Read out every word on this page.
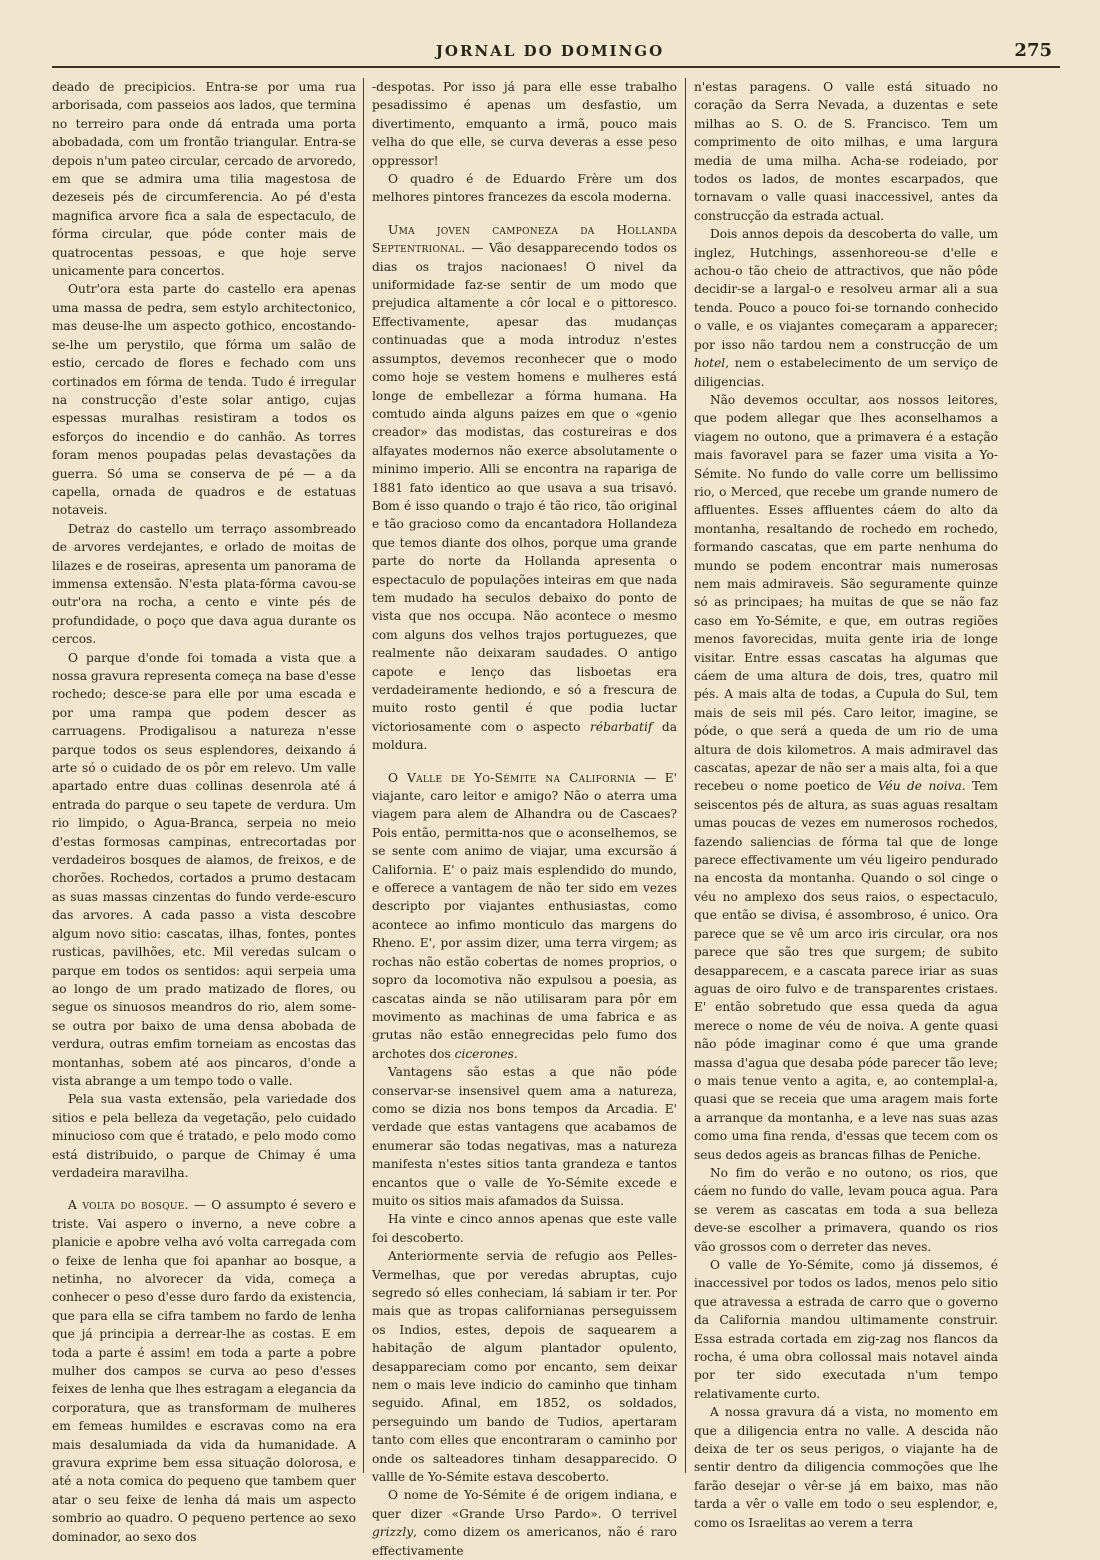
JORNAL DO DOMINGO	275

deado de precipicios. Entra-se por uma rua arborisada, com passeios aos lados, que termina no terreiro para onde dá entrada uma porta abobadada, com um frontão triangular. Entra-se depois n'um pateo circular, cercado de arvoredo, em que se admira uma tilia magestosa de dezeseis pés de circumferencia. Ao pé d'esta magnifica arvore fica a sala de espectaculo, de fórma circular, que póde conter mais de quatrocentas pessoas, e que hoje serve unicamente para concertos.

Outr'ora esta parte do castello era apenas uma massa de pedra, sem estylo architectonico, mas deuse-lhe um aspecto gothico, encostando-se-lhe um perystilo, que fórma um salão de estio, cercado de flores e fechado com uns cortinados em fórma de tenda. Tudo é irregular na construcção d'este solar antigo, cujas espessas muralhas resistiram a todos os esforços do incendio e do canhão. As torres foram menos poupadas pelas devastações da guerra. Só uma se conserva de pé — a da capella, ornada de quadros e de estatuas notaveis.

Detraz do castello um terraço assombreado de arvores verdejantes, e orlado de moitas de lilazes e de roseiras, apresenta um panorama de immensa extensão. N'esta plata-fórma cavou-se outr'ora na rocha, a cento e vinte pés de profundidade, o poço que dava agua durante os cercos.

O parque d'onde foi tomada a vista que a nossa gravura representa começa na base d'esse rochedo; desce-se para elle por uma escada e por uma rampa que podem descer as carruagens. Prodigalisou a natureza n'esse parque todos os seus esplendores, deixando á arte só o cuidado de os pôr em relevo. Um valle apartado entre duas collinas desenrola até á entrada do parque o seu tapete de verdura. Um rio limpido, o Agua-Branca, serpeia no meio d'estas formosas campinas, entrecortadas por verdadeiros bosques de alamos, de freixos, e de chorões. Rochedos, cortados a prumo destacam as suas massas cinzentas do fundo verde-escuro das arvores. A cada passo a vista descobre algum novo sitio: cascatas, ilhas, fontes, pontes rusticas, pavilhões, etc. Mil veredas sulcam o parque em todos os sentidos: aqui serpeia uma ao longo de um prado matizado de flores, ou segue os sinuosos meandros do rio, alem some-se outra por baixo de uma densa abobada de verdura, outras emfim torneiam as encostas das montanhas, sobem até aos pincaros, d'onde a vista abrange a um tempo todo o valle.

Pela sua vasta extensão, pela variedade dos sitios e pela belleza da vegetação, pelo cuidado minucioso com que é tratado, e pelo modo como está distribuido, o parque de Chimay é uma verdadeira maravilha.

A volta do bosque. — O assumpto é severo e triste. Vai aspero o inverno, a neve cobre a planicie e apobre velha avó volta carregada com o feixe de lenha que foi apanhar ao bosque, a netinha, no alvorecer da vida, começa a conhecer o peso d'esse duro fardo da existencia, que para ella se cifra tambem no fardo de lenha que já principia a derrear-lhe as costas. E em toda a parte é assim! em toda a parte a pobre mulher dos campos se curva ao peso d'esses feixes de lenha que lhes estragam a elegancia da corporatura, que as transformam de mulheres em femeas humildes e escravas como na era mais desalumiada da vida da humanidade. A gravura exprime bem essa situação dolorosa, e até a nota comica do pequeno que tambem quer atar o seu feixe de lenha dá mais um aspecto sombrio ao quadro. O pequeno pertence ao sexo dominador, ao sexo dos

-despotas. Por isso já para elle esse trabalho pesadissimo é apenas um desfastio, um divertimento, emquanto a irmã, pouco mais velha do que elle, se curva deveras a esse peso oppressor!

O quadro é de Eduardo Frère um dos melhores pintores francezes da escola moderna.

Uma joven camponeza da Hollanda Septentrional. — Vão desapparecendo todos os dias os trajos nacionaes! O nivel da uniformidade faz-se sentir de um modo que prejudica altamente a côr local e o pittoresco. Effectivamente, apesar das mudanças continuadas que a moda introduz n'estes assumptos, devemos reconhecer que o modo como hoje se vestem homens e mulheres está longe de embellezar a fórma humana. Ha comtudo ainda alguns paizes em que o «genio creador» das modistas, das costureiras e dos alfayates modernos não exerce absolutamente o minimo imperio. Alli se encontra na rapariga de 1881 fato identico ao que usava a sua trisavó. Bom é isso quando o trajo é tão rico, tão original e tão gracioso como da encantadora Hollandeza que temos diante dos olhos, porque uma grande parte do norte da Hollanda apresenta o espectaculo de populações inteiras em que nada tem mudado ha seculos debaixo do ponto de vista que nos occupa. Não acontece o mesmo com alguns dos velhos trajos portuguezes, que realmente não deixaram saudades. O antigo capote e lenço das lisboetas era verdadeiramente hediondo, e só a frescura de muito rosto gentil é que podia luctar victoriosamente com o aspecto rébarbatif da moldura.

O Valle de Yo-Sémite na California — E' viajante, caro leitor e amigo? Não o aterra uma viagem para alem de Alhandra ou de Cascaes? Pois então, permitta-nos que o aconselhemos, se se sente com animo de viajar, uma excursão á California. E' o paiz mais esplendido do mundo, e offerece a vantagem de não ter sido em vezes descripto por viajantes enthusiastas, como acontece ao infimo monticulo das margens do Rheno. E', por assim dizer, uma terra virgem; as rochas não estão cobertas de nomes proprios, o sopro da locomotiva não expulsou a poesia, as cascatas ainda se não utilisaram para pôr em movimento as machinas de uma fabrica e as grutas não estão ennegrecidas pelo fumo dos archotes dos cicerones.

Vantagens são estas a que não póde conservar-se insensivel quem ama a natureza, como se dizia nos bons tempos da Arcadia. E' verdade que estas vantagens que acabamos de enumerar são todas negativas, mas a natureza manifesta n'estes sitios tanta grandeza e tantos encantos que o valle de Yo-Sémite excede e muito os sitios mais afamados da Suissa.

Ha vinte e cinco annos apenas que este valle foi descoberto.

Anteriormente servia de refugio aos Pelles-Vermelhas, que por veredas abruptas, cujo segredo só elles conheciam, lá sabiam ir ter. Por mais que as tropas californianas perseguissem os Indios, estes, depois de saquearem a habitação de algum plantador opulento, desappareciam como por encanto, sem deixar nem o mais leve indicio do caminho que tinham seguido. Afinal, em 1852, os soldados, perseguindo um bando de Tudios, apertaram tanto com elles que encontraram o caminho por onde os salteadores tinham desapparecido. O vallle de Yo-Sémite estava descoberto.

O nome de Yo-Sémite é de origem indiana, e quer dizer «Grande Urso Pardo». O terrivel grizzly, como dizem os americanos, não é raro effectivamente

n'estas paragens. O valle está situado no coração da Serra Nevada, a duzentas e sete milhas ao S. O. de S. Francisco. Tem um comprimento de oito milhas, e uma largura media de uma milha. Acha-se rodeiado, por todos os lados, de montes escarpados, que tornavam o valle quasi inaccessivel, antes da construcção da estrada actual.

Dois annos depois da descoberta do valle, um inglez, Hutchings, assenhoreou-se d'elle e achou-o tão cheio de attractivos, que não pôde decidir-se a largal-o e resolveu armar ali a sua tenda. Pouco a pouco foi-se tornando conhecido o valle, e os viajantes começaram a apparecer; por isso não tardou nem a construcção de um hotel, nem o estabelecimento de um serviço de diligencias.

Não devemos occultar, aos nossos leitores, que podem allegar que lhes aconselhamos a viagem no outono, que a primavera é a estação mais favoravel para se fazer uma visita a Yo-Sémite. No fundo do valle corre um bellissimo rio, o Merced, que recebe um grande numero de affluentes. Esses affluentes cáem do alto da montanha, resaltando de rochedo em rochedo, formando cascatas, que em parte nenhuma do mundo se podem encontrar mais numerosas nem mais admiraveis. São seguramente quinze só as principaes; ha muitas de que se não faz caso em Yo-Sémite, e que, em outras regiões menos favorecidas, muita gente iria de longe visitar. Entre essas cascatas ha algumas que cáem de uma altura de dois, tres, quatro mil pés. A mais alta de todas, a Cupula do Sul, tem mais de seis mil pés. Caro leitor, imagine, se póde, o que será a queda de um rio de uma altura de dois kilometros. A mais admiravel das cascatas, apezar de não ser a mais alta, foi a que recebeu o nome poetico de Véu de noiva. Tem seiscentos pés de altura, as suas aguas resaltam umas poucas de vezes em numerosos rochedos, fazendo saliencias de fórma tal que de longe parece effectivamente um véu ligeiro pendurado na encosta da montanha. Quando o sol cinge o véu no amplexo dos seus raios, o espectaculo, que então se divisa, é assombroso, é unico. Ora parece que se vê um arco iris circular, ora nos parece que são tres que surgem; de subito desapparecem, e a cascata parece iriar as suas aguas de oiro fulvo e de transparentes cristaes. E' então sobretudo que essa queda da agua merece o nome de véu de noiva. A gente quasi não póde imaginar como é que uma grande massa d'agua que desaba póde parecer tão leve; o mais tenue vento a agita, e, ao contemplal-a, quasi que se receia que uma aragem mais forte a arranque da montanha, e a leve nas suas azas como uma fina renda, d'essas que tecem com os seus dedos ageis as brancas filhas de Peniche.

No fim do verão e no outono, os rios, que cáem no fundo do valle, levam pouca agua. Para se verem as cascatas em toda a sua belleza deve-se escolher a primavera, quando os rios vão grossos com o derreter das neves.

O valle de Yo-Sémite, como já dissemos, é inaccessivel por todos os lados, menos pelo sitio que atravessa a estrada de carro que o governo da California mandou ultimamente construir. Essa estrada cortada em zig-zag nos flancos da rocha, é uma obra collossal mais notavel ainda por ter sido executada n'um tempo relativamente curto.

A nossa gravura dá a vista, no momento em que a diligencia entra no valle. A descida não deixa de ter os seus perigos, o viajante ha de sentir dentro da diligencia commoções que lhe farão desejar o vêr-se já em baixo, mas não tarda a vêr o valle em todo o seu esplendor, e, como os Israelitas ao verem a terra
